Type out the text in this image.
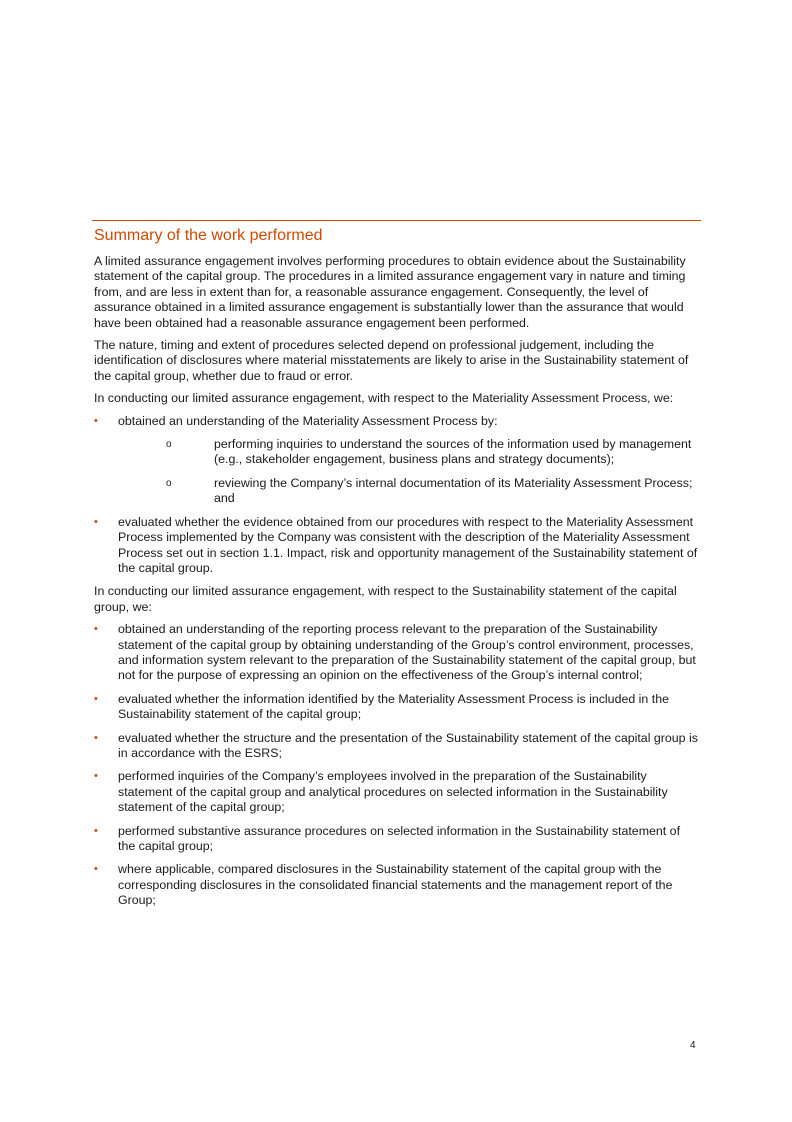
Summary of the work performed

A limited assurance engagement involves performing procedures to obtain evidence about the Sustainability statement of the capital group. The procedures in a limited assurance engagement vary in nature and timing from, and are less in extent than for, a reasonable assurance engagement. Consequently, the level of assurance obtained in a limited assurance engagement is substantially lower than the assurance that would have been obtained had a reasonable assurance engagement been performed.

The nature, timing and extent of procedures selected depend on professional judgement, including the identification of disclosures where material misstatements are likely to arise in the Sustainability statement of the capital group, whether due to fraud or error.

In conducting our limited assurance engagement, with respect to the Materiality Assessment Process, we:

• obtained an understanding of the Materiality Assessment Process by:
o performing inquiries to understand the sources of the information used by management (e.g., stakeholder engagement, business plans and strategy documents);
o reviewing the Company’s internal documentation of its Materiality Assessment Process; and
• evaluated whether the evidence obtained from our procedures with respect to the Materiality Assessment Process implemented by the Company was consistent with the description of the Materiality Assessment Process set out in section 1.1. Impact, risk and opportunity management of the Sustainability statement of the capital group.

In conducting our limited assurance engagement, with respect to the Sustainability statement of the capital group, we:

• obtained an understanding of the reporting process relevant to the preparation of the Sustainability statement of the capital group by obtaining understanding of the Group’s control environment, processes, and information system relevant to the preparation of the Sustainability statement of the capital group, but not for the purpose of expressing an opinion on the effectiveness of the Group’s internal control;
• evaluated whether the information identified by the Materiality Assessment Process is included in the Sustainability statement of the capital group;
• evaluated whether the structure and the presentation of the Sustainability statement of the capital group is in accordance with the ESRS;
• performed inquiries of the Company’s employees involved in the preparation of the Sustainability statement of the capital group and analytical procedures on selected information in the Sustainability statement of the capital group;
• performed substantive assurance procedures on selected information in the Sustainability statement of the capital group;
• where applicable, compared disclosures in the Sustainability statement of the capital group with the corresponding disclosures in the consolidated financial statements and the management report of the Group;
4
